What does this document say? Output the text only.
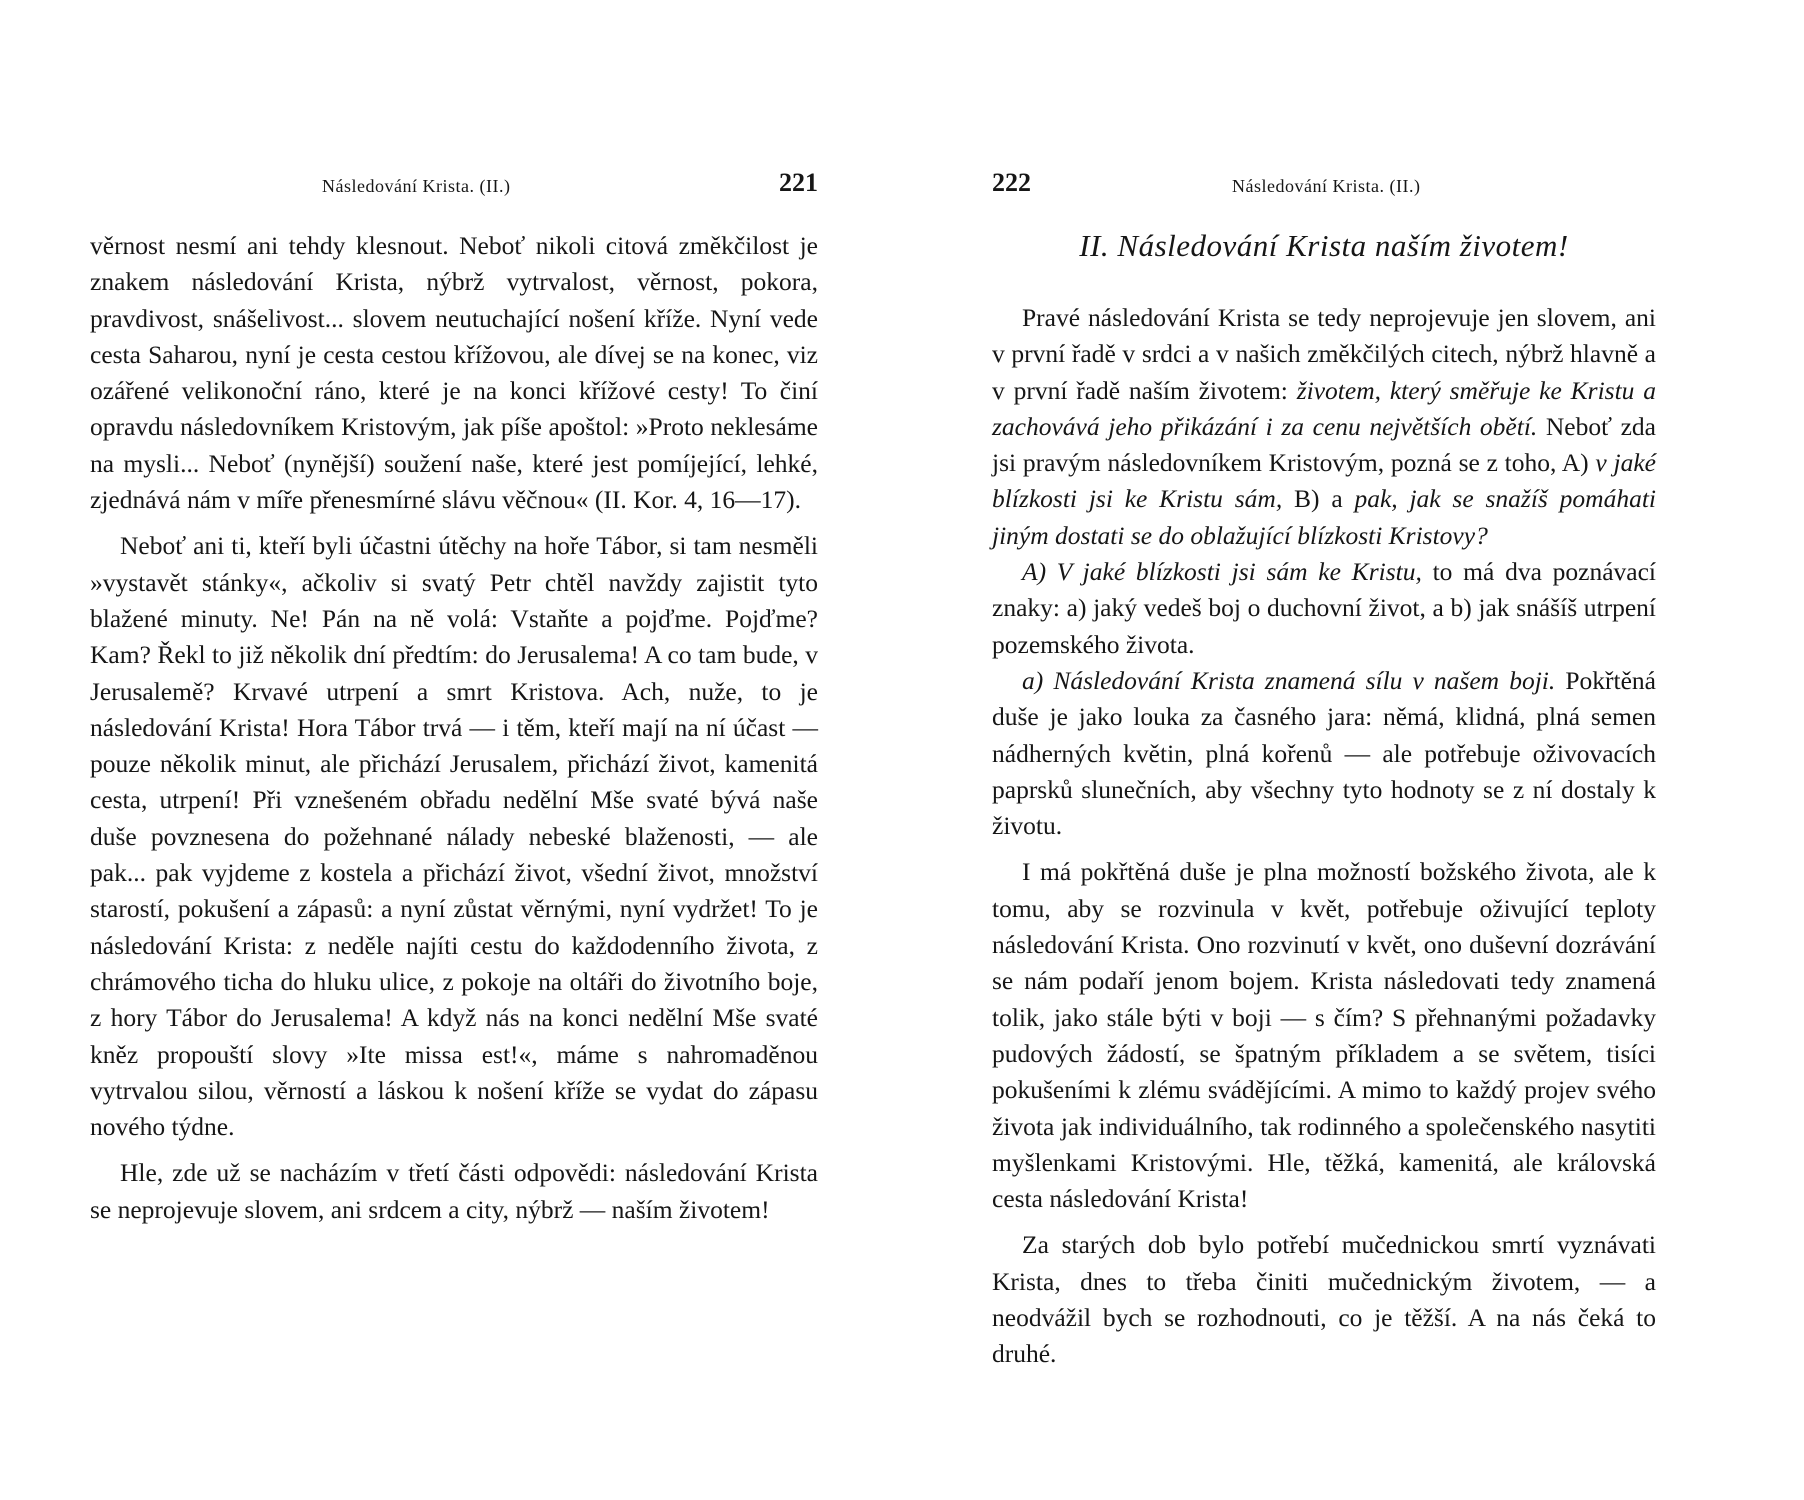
Následování Krista. (II.)	221

věrnost nesmí ani tehdy klesnout. Neboť nikoli citová změkčilost je znakem následování Krista, nýbrž vytrvalost, věrnost, pokora, pravdivost, snášelivost... slovem neutuchající nošení kříže. Nyní vede cesta Saharou, nyní je cesta cestou křížovou, ale dívej se na konec, viz ozářené velikonoční ráno, které je na konci křížové cesty! To činí opravdu následovníkem Kristovým, jak píše apoštol: »Proto neklesáme na mysli... Neboť (nynější) soužení naše, které jest pomíjející, lehké, zjednává nám v míře přenesmírné slávu věčnou« (II. Kor. 4, 16—17).

Neboť ani ti, kteří byli účastni útěchy na hoře Tábor, si tam nesměli »vystavět stánky«, ačkoliv si svatý Petr chtěl navždy zajistit tyto blažené minuty. Ne! Pán na ně volá: Vstaňte a pojďme. Pojďme? Kam? Řekl to již několik dní předtím: do Jerusalema! A co tam bude, v Jerusalemě? Krvavé utrpení a smrt Kristova. Ach, nuže, to je následování Krista! Hora Tábor trvá — i těm, kteří mají na ní účast — pouze několik minut, ale přichází Jerusalem, přichází život, kamenitá cesta, utrpení! Při vznešeném obřadu nedělní Mše svaté bývá naše duše povznesena do požehnané nálady nebeské blaženosti, — ale pak... pak vyjdeme z kostela a přichází život, všední život, množství starostí, pokušení a zápasů: a nyní zůstat věrnými, nyní vydržet! To je následování Krista: z neděle najíti cestu do každodenního života, z chrámového ticha do hluku ulice, z pokoje na oltáři do životního boje, z hory Tábor do Jerusalema! A když nás na konci nedělní Mše svaté kněz propouští slovy »Ite missa est!«, máme s nahromaděnou vytrvalou silou, věrností a láskou k nošení kříže se vydat do zápasu nového týdne.

Hle, zde už se nacházím v třetí části odpovědi: následování Krista se neprojevuje slovem, ani srdcem a city, nýbrž — naším životem!

222	Následování Krista. (II.)
II. Následování Krista naším životem!

Pravé následování Krista se tedy neprojevuje jen slovem, ani v první řadě v srdci a v našich změkčilých citech, nýbrž hlavně a v první řadě naším životem: životem, který směřuje ke Kristu a zachovává jeho přikázání i za cenu největších obětí. Neboť zda jsi pravým následovníkem Kristovým, pozná se z toho, A) v jaké blízkosti jsi ke Kristu sám, B) a pak, jak se snažíš pomáhati jiným dostati se do oblažující blízkosti Kristovy?

A) V jaké blízkosti jsi sám ke Kristu, to má dva poznávací znaky: a) jaký vedeš boj o duchovní život, a b) jak snášíš utrpení pozemského života.

a) Následování Krista znamená sílu v našem boji. Pokřtěná duše je jako louka za časného jara: němá, klidná, plná semen nádherných květin, plná kořenů — ale potřebuje oživovacích paprsků slunečních, aby všechny tyto hodnoty se z ní dostaly k životu.

I má pokřtěná duše je plna možností božského života, ale k tomu, aby se rozvinula v květ, potřebuje oživující teploty následování Krista. Ono rozvinutí v květ, ono duševní dozrávání se nám podaří jenom bojem. Krista následovati tedy znamená tolik, jako stále býti v boji — s čím? S přehnanými požadavky pudových žádostí, se špatným příkladem a se světem, tisíci pokušeními k zlému svádějícími. A mimo to každý projev svého života jak individuálního, tak rodinného a společenského nasytiti myšlenkami Kristovými. Hle, těžká, kamenitá, ale královská cesta následování Krista!

Za starých dob bylo potřebí mučednickou smrtí vyznávati Krista, dnes to třeba činiti mučednickým životem, — a neodvážil bych se rozhodnouti, co je těžší. A na nás čeká to druhé.
